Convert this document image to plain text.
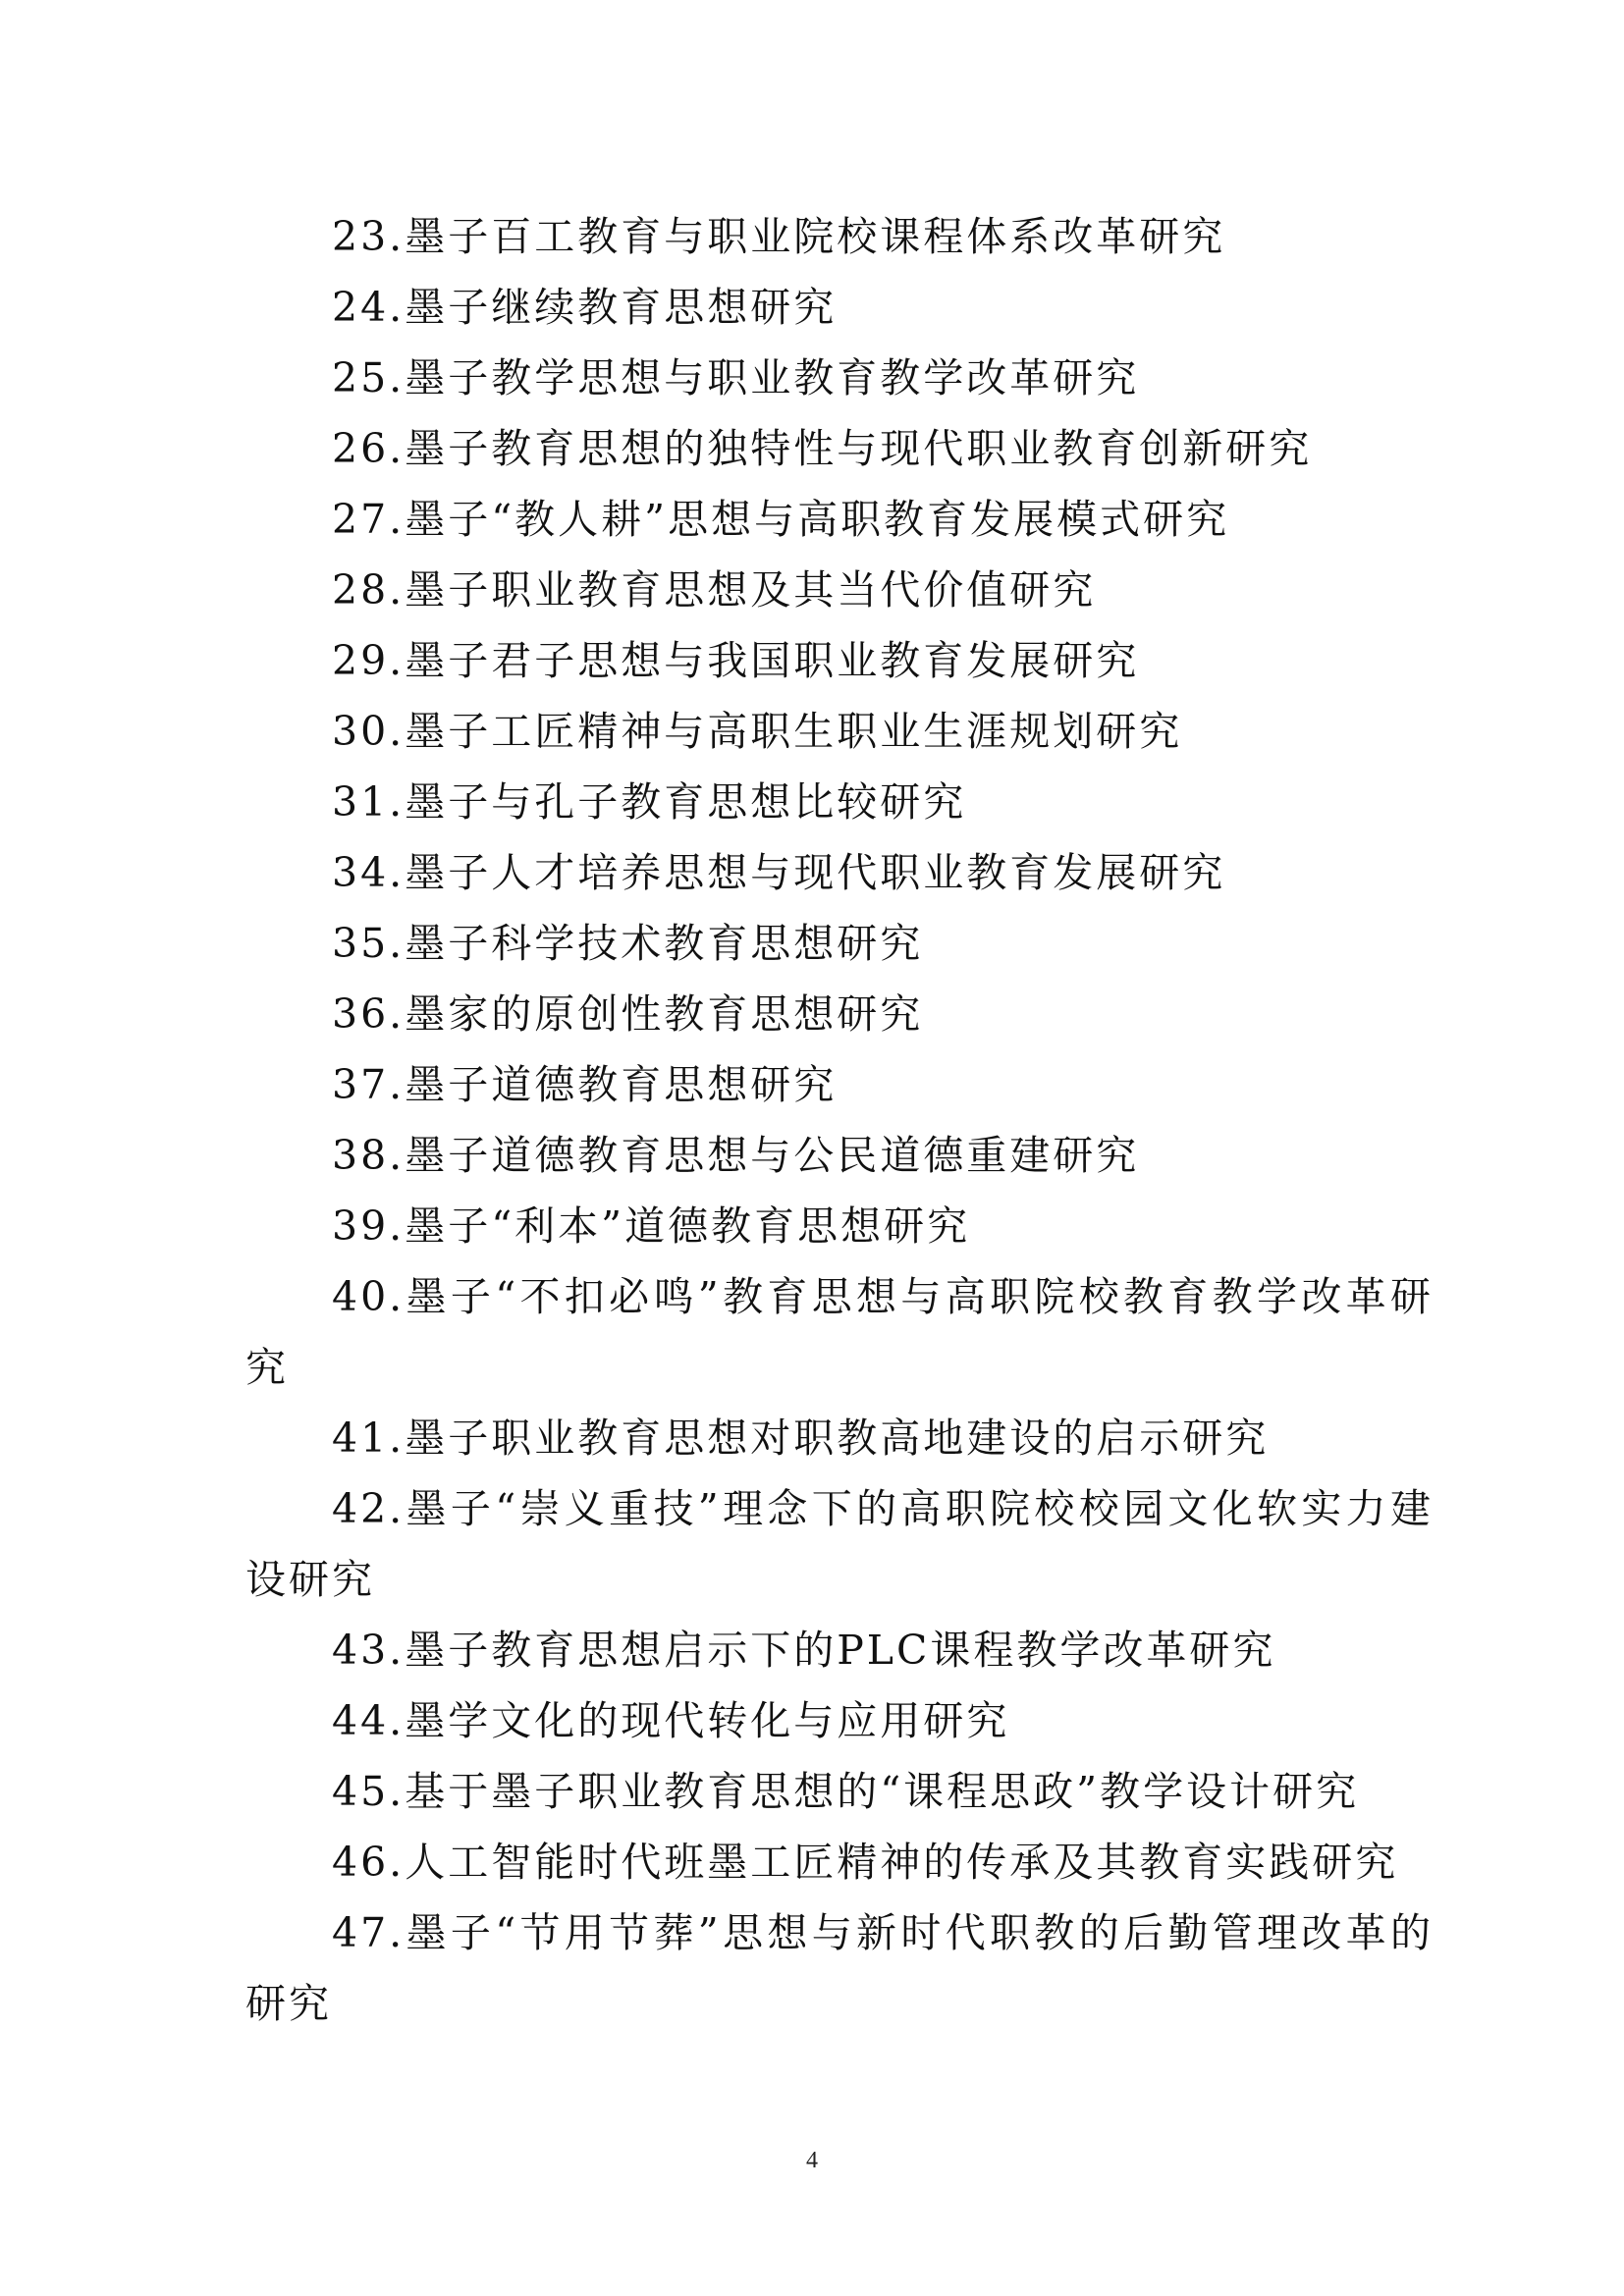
23.墨子百工教育与职业院校课程体系改革研究

24.墨子继续教育思想研究

25.墨子教学思想与职业教育教学改革研究

26.墨子教育思想的独特性与现代职业教育创新研究

27.墨子“教人耕”思想与高职教育发展模式研究

28.墨子职业教育思想及其当代价值研究

29.墨子君子思想与我国职业教育发展研究

30.墨子工匠精神与高职生职业生涯规划研究

31.墨子与孔子教育思想比较研究

34.墨子人才培养思想与现代职业教育发展研究

35.墨子科学技术教育思想研究

36.墨家的原创性教育思想研究

37.墨子道德教育思想研究

38.墨子道德教育思想与公民道德重建研究

39.墨子“利本”道德教育思想研究

40.墨子“不扣必鸣”教育思想与高职院校教育教学改革研究

41.墨子职业教育思想对职教高地建设的启示研究

42.墨子“崇义重技”理念下的高职院校校园文化软实力建设研究

43.墨子教育思想启示下的PLC课程教学改革研究

44.墨学文化的现代转化与应用研究

45.基于墨子职业教育思想的“课程思政”教学设计研究

46.人工智能时代班墨工匠精神的传承及其教育实践研究

47.墨子“节用节葬”思想与新时代职教的后勤管理改革的研究

4
